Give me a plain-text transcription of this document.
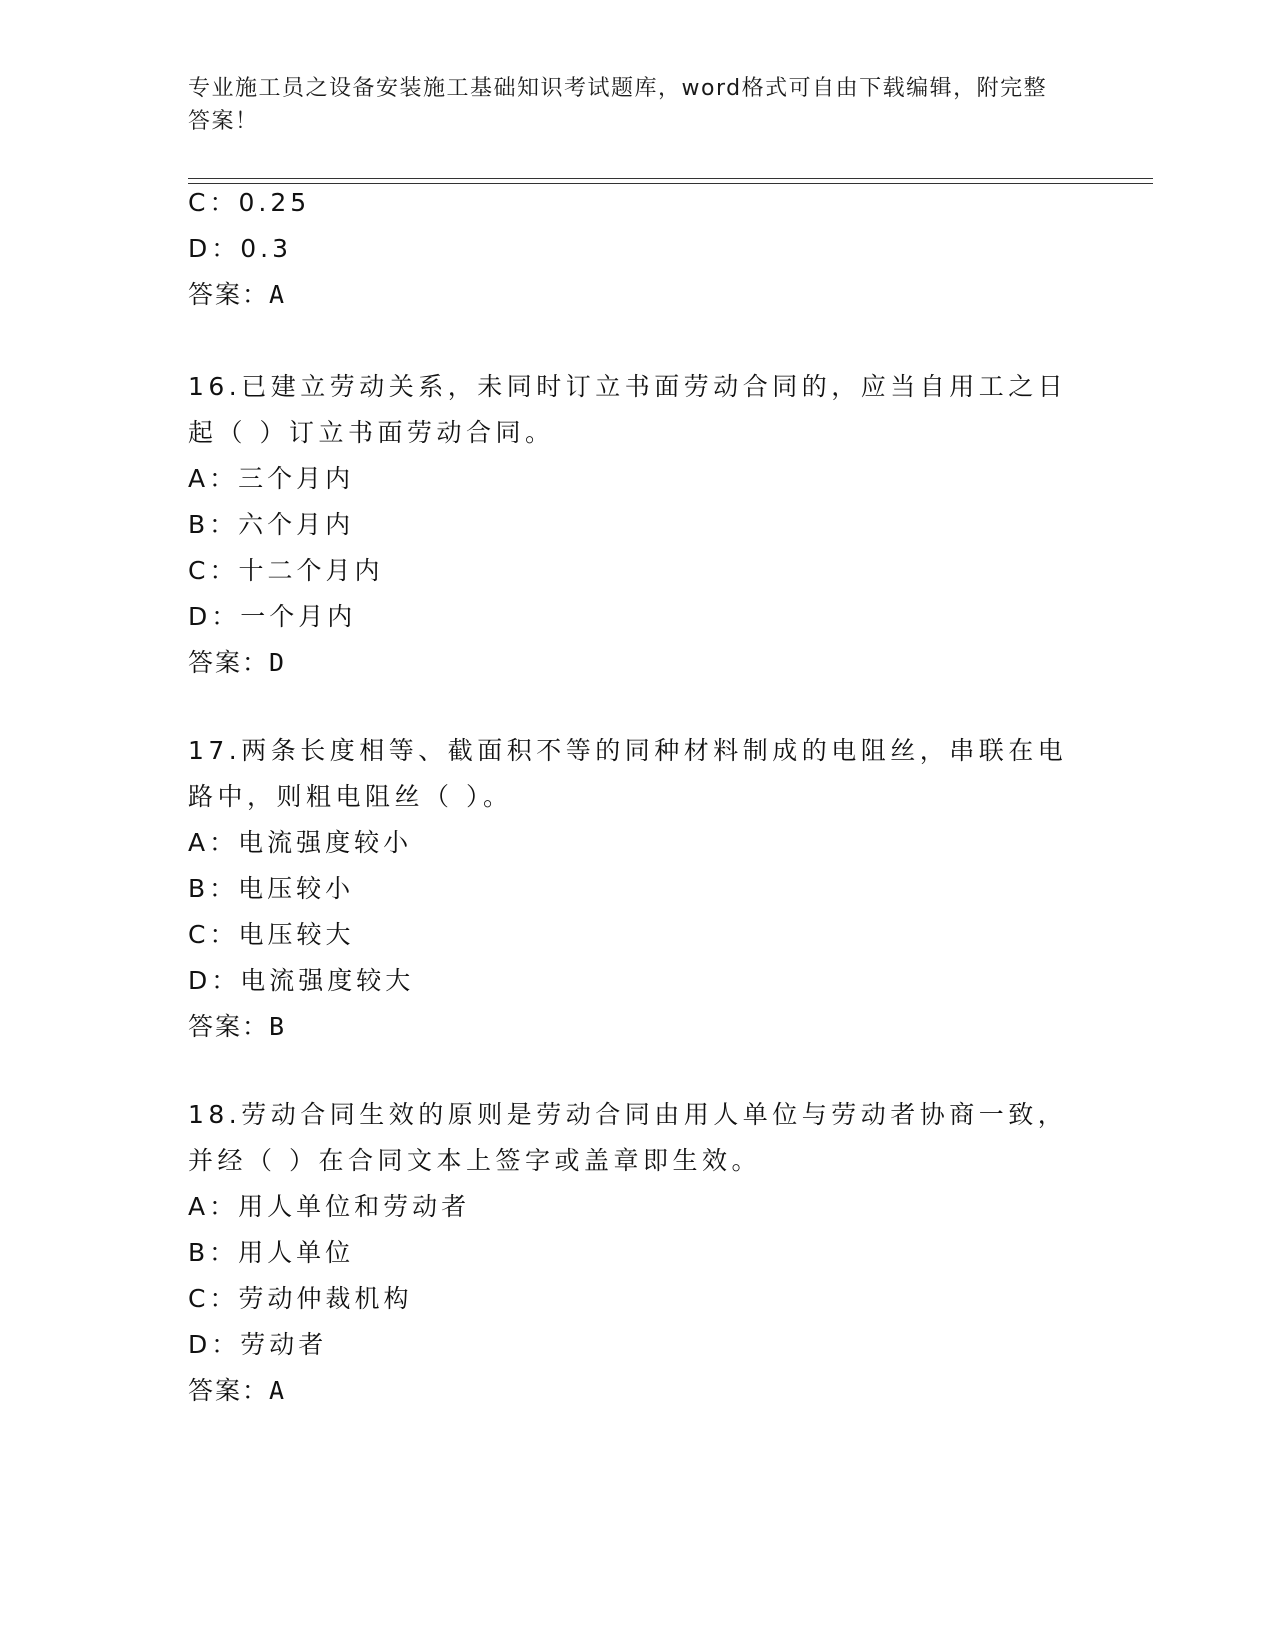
专业施工员之设备安装施工基础知识考试题库，word格式可自由下载编辑，附完整答案！
C：0.25
D：0.3
答案：A
16.已建立劳动关系，未同时订立书面劳动合同的，应当自用工之日起（ ）订立书面劳动合同。
A：三个月内
B：六个月内
C：十二个月内
D：一个月内
答案：D
17.两条长度相等、截面积不等的同种材料制成的电阻丝，串联在电路中，则粗电阻丝（ ）。
A：电流强度较小
B：电压较小
C：电压较大
D：电流强度较大
答案：B
18.劳动合同生效的原则是劳动合同由用人单位与劳动者协商一致，并经（ ）在合同文本上签字或盖章即生效。
A：用人单位和劳动者
B：用人单位
C：劳动仲裁机构
D：劳动者
答案：A
